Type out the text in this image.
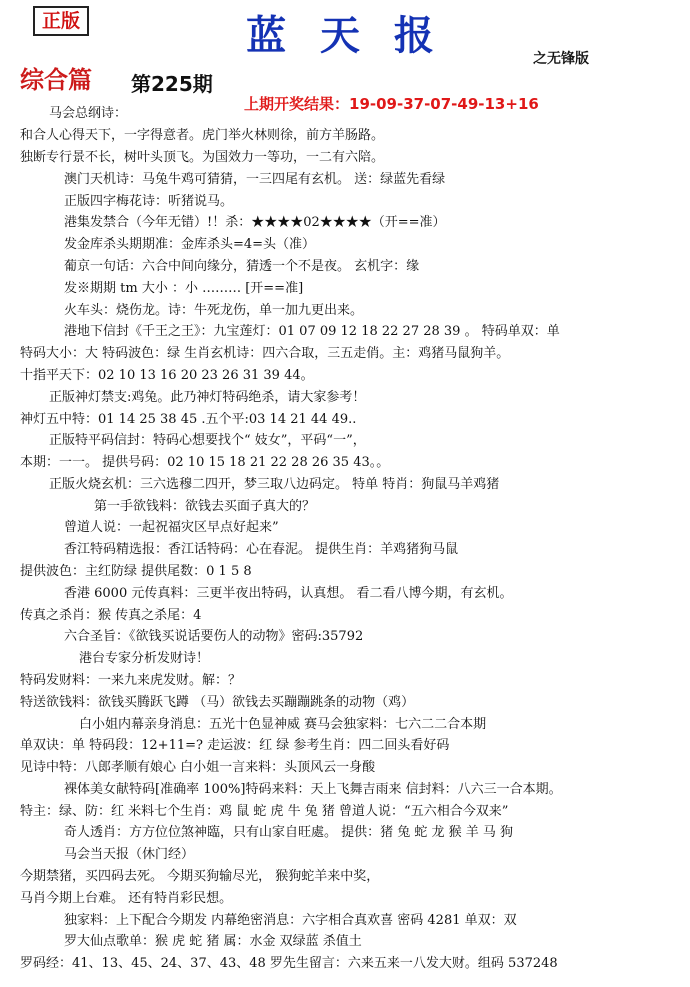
正版	蓝 天 报	之无锋版
综合篇 第225期
上期开奖结果：19-09-37-07-49-13+16
马会总纲诗：
和合人心得天下，一字得意者。虎门举火林则徐，前方羊肠路。
独断专行景不长，树叶头顶飞。为国效力一等功，一二有六陪。
澳门天机诗：马兔牛鸡可猜猜，一三四尾有玄机。 送：绿蓝先看绿
正版四字梅花诗：听猪说马。
港集发禁合（今年无错）!！杀：★★★★02★★★★（开==准）
发金库杀头期期准：金库杀头=4=头（准）
葡京一句话：六合中间向缘分，猜透一个不是夜。 玄机字：缘
发※期期 tm 大小 ：小 ……… [开==准]
火车头：烧伤龙。诗：牛死龙伤，单一加九更出来。
港地下信封《千王之王》：九宝莲灯：01 07 09 12 18 22 27 28 39 。 特码单双：单
特码大小：大 特码波色：绿 生肖玄机诗：四六合取，三五走俏。主：鸡猪马鼠狗羊。
十指平天下：02 10 13 16 20 23 26 31 39 44。
正版神灯禁支:鸡兔。此乃神灯特码绝杀，请大家参考！
神灯五中特：01 14 25 38 45 .五个平:03 14 21 44 49..
正版特平码信封：特码心想要找个“ 妓女”，平码“一”，
本期：一一。 提供号码：02 10 15 18 21 22 28 26 35 43。。
正版火烧玄机：三六选穆二四开，梦三取八边码定。 特单 特肖：狗鼠马羊鸡猪
第一手欲钱料：欲钱去买面子真大的？
曾道人说：一起祝福灾区早点好起来”
香江特码精选报：香江话特码：心在春泥。 提供生肖：羊鸡猪狗马鼠
提供波色：主红防绿 提供尾数：0 1 5 8
香港 6000 元传真料：三更半夜出特码，认真想。 看二看八博今期，有玄机。
传真之杀肖：猴 传真之杀尾：4
六合圣旨：《欲钱买说话要伤人的动物》密码:35792
港台专家分析发财诗！
特码发财料：一来九来虎发财。解：？
特送欲钱料：欲钱买腾跃飞蹲 （马）欲钱去买蹦蹦跳条的动物（鸡）
白小姐内幕亲身消息：五光十色显神威 赛马会独家料：七六二二合本期
单双诀：单 特码段：12+11=? 走运波：红 绿 参考生肖：四二回头看好码
见诗中特：八郎孝顺有娘心 白小姐一言来料：头顶风云一身酸
裸体美女献特码[准确率 100%]特码来料：天上飞舞吉雨来 信封料：八六三一合本期。
特主：绿、防：红 米料七个生肖：鸡 鼠 蛇 虎 牛 兔 猪 曾道人说：“五六相合今双来”
奇人透肖：方方位位煞神臨，只有山家自旺處。 提供：猪 兔 蛇 龙 猴 羊 马 狗
马会当天报（休门经）
今期禁猪，买四码去死。 今期买狗输尽光， 猴狗蛇羊来中奖，
马肖今期上台难。 还有特肖彩民想。
独家料：上下配合今期发 内幕绝密消息：六字相合真欢喜 密码 4281 单双：双
罗大仙点歌单：猴 虎 蛇 猪 属：水金 双绿蓝 杀值土
罗码经：41、13、45、24、37、43、48 罗先生留言：六来五来一八发大财。组码 537248
